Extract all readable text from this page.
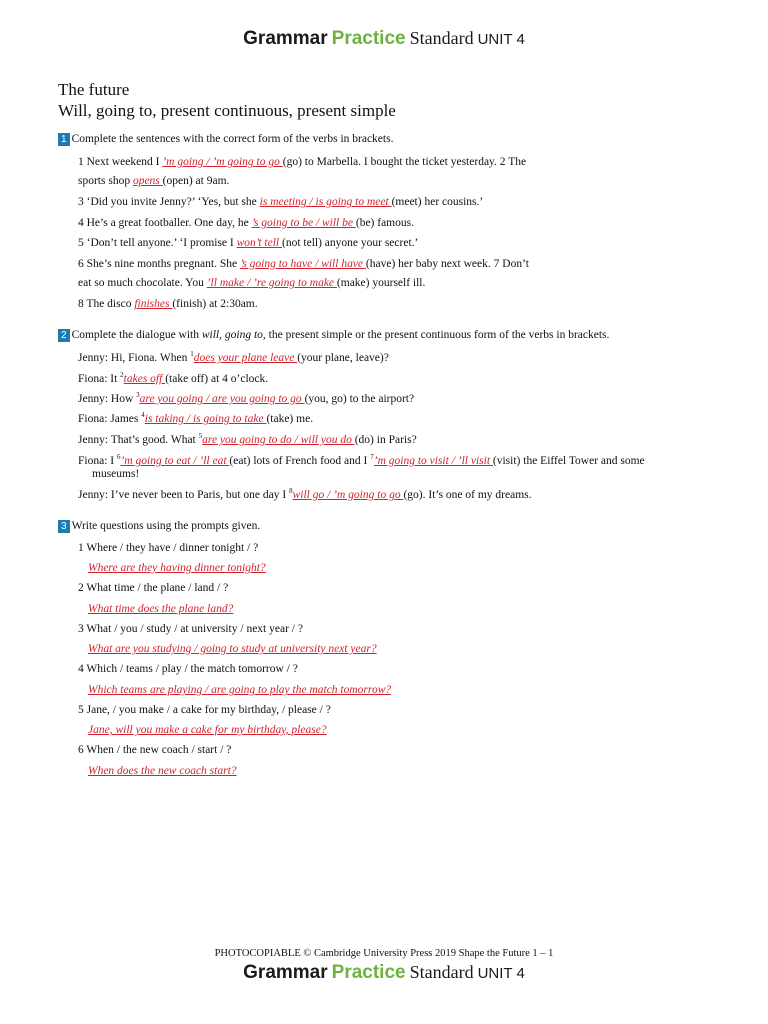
Grammar Practice Standard UNIT 4
The future
Will, going to, present continuous, present simple
1 Complete the sentences with the correct form of the verbs in brackets.
1 Next weekend I ’m going / ’m going to go (go) to Marbella. I bought the ticket yesterday. 2 The
sports shop opens (open) at 9am.
3 ‘Did you invite Jenny?’ ‘Yes, but she is meeting / is going to meet (meet) her cousins.’
4 He’s a great footballer. One day, he ’s going to be / will be (be) famous.
5 ‘Don’t tell anyone.’ ‘I promise I won’t tell (not tell) anyone your secret.’
6 She’s nine months pregnant. She ’s going to have / will have (have) her baby next week. 7 Don’t
eat so much chocolate. You ’ll make / ’re going to make (make) yourself ill.
8 The disco finishes (finish) at 2:30am.
2 Complete the dialogue with will, going to, the present simple or the present continuous form of the verbs in brackets.
Jenny: Hi, Fiona. When $^1$does your plane leave (your plane, leave)?
Fiona: It $^2$takes off (take off) at 4 o’clock.
Jenny: How $^3$are you going / are you going to go (you, go) to the airport?
Fiona: James $^4$is taking / is going to take (take) me.
Jenny: That’s good. What $^5$are you going to do / will you do (do) in Paris?
Fiona: I $^6$’m going to eat / ’ll eat (eat) lots of French food and I $^7$’m going to visit / ’ll visit (visit) the Eiffel Tower and some
museums!
Jenny: I’ve never been to Paris, but one day I $^8$will go / ’m going to go (go). It’s one of my dreams.
3 Write questions using the prompts given.
1 Where / they have / dinner tonight / ?
Where are they having dinner tonight?
2 What time / the plane / land / ?
What time does the plane land?
3 What / you / study / at university / next year / ?
What are you studying / going to study at university next year?
4 Which / teams / play / the match tomorrow / ?
Which teams are playing / are going to play the match tomorrow?
5 Jane, / you make / a cake for my birthday, / please / ?
Jane, will you make a cake for my birthday, please?
6 When / the new coach / start / ?
When does the new coach start?
PHOTOCOPIABLE © Cambridge University Press 2019 Shape the Future 1 – 1
Grammar Practice Standard UNIT 4
